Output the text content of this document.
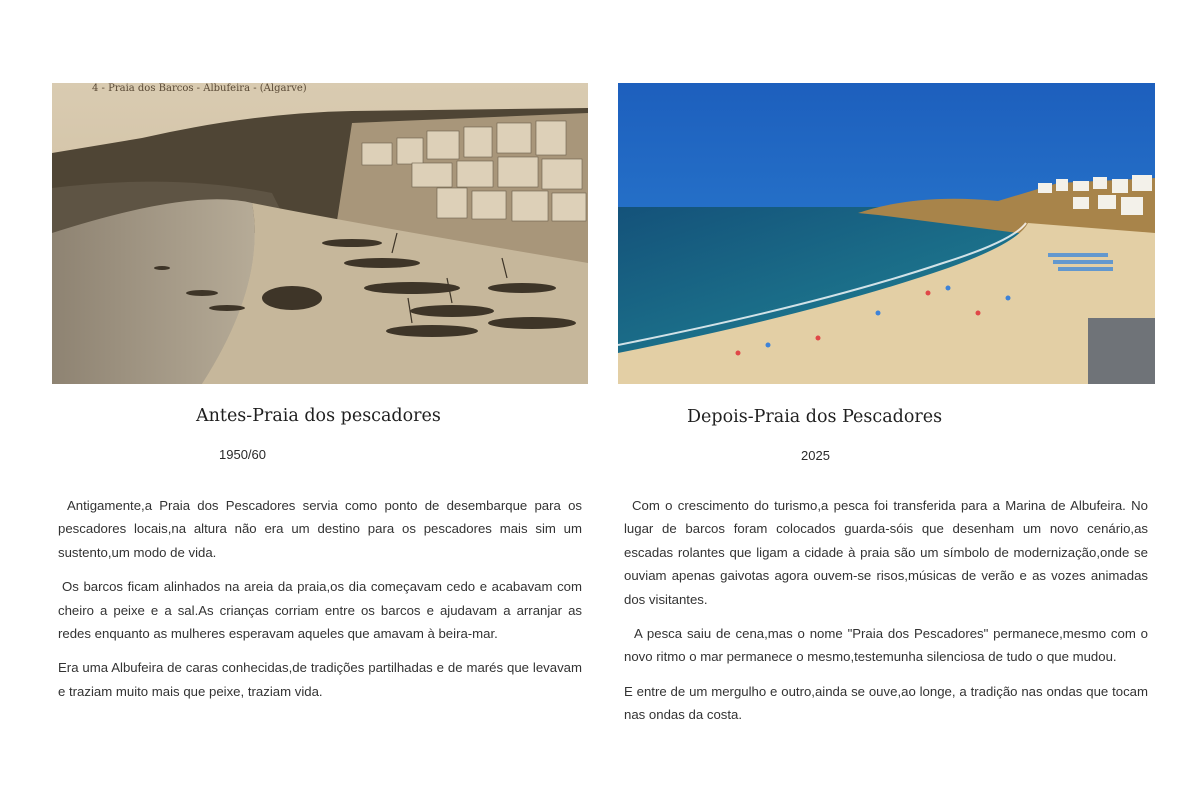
4 - Praia dos Barcos - Albufeira - (Algarve)
Antes-Praia dos pescadores
1950/60
Depois-Praia dos Pescadores
2025

Antigamente,a Praia dos Pescadores servia como ponto de desembarque para os pescadores locais,na altura não era um destino para os pescadores mais sim um sustento,um modo de vida.

Os barcos ficam alinhados na areia da praia,os dia começavam cedo e acabavam com cheiro a peixe e a sal.As crianças corriam entre os barcos e ajudavam a arranjar as redes enquanto as mulheres esperavam aqueles que amavam à beira-mar.

Era uma Albufeira de caras conhecidas,de tradições partilhadas e de marés que levavam e traziam muito mais que peixe, traziam vida.

Com o crescimento do turismo,a pesca foi transferida para a Marina de Albufeira. No lugar de barcos foram colocados guarda-sóis que desenham um novo cenário,as escadas rolantes que ligam a cidade à praia são um símbolo de modernização,onde se ouviam apenas gaivotas agora ouvem-se risos,músicas de verão e as vozes animadas dos visitantes.

A pesca saiu de cena,mas o nome "Praia dos Pescadores" permanece,mesmo com o novo ritmo o mar permanece o mesmo,testemunha silenciosa de tudo o que mudou.

E entre de um mergulho e outro,ainda se ouve,ao longe, a tradição nas ondas que tocam nas ondas da costa.
